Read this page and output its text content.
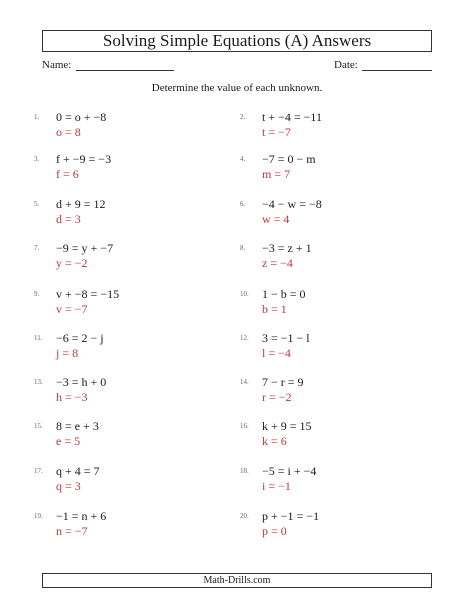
Solving Simple Equations (A) Answers
Name:	Date:
Determine the value of each unknown.
1. 0 = o + −8
o = 8
3. f + −9 = −3
f = 6
5. d + 9 = 12
d = 3
7. −9 = y + −7
y = −2
9. v + −8 = −15
v = −7
11. −6 = 2 − j
j = 8
13. −3 = h + 0
h = −3
15. 8 = e + 3
e = 5
17. q + 4 = 7
q = 3
19. −1 = n + 6
n = −7
2. t + −4 = −11
t = −7
4. −7 = 0 − m
m = 7
6. −4 − w = −8
w = 4
8. −3 = z + 1
z = −4
10. 1 − b = 0
b = 1
12. 3 = −1 − l
l = −4
14. 7 − r = 9
r = −2
16. k + 9 = 15
k = 6
18. −5 = i + −4
i = −1
20. p + −1 = −1
p = 0
Math-Drills.com
